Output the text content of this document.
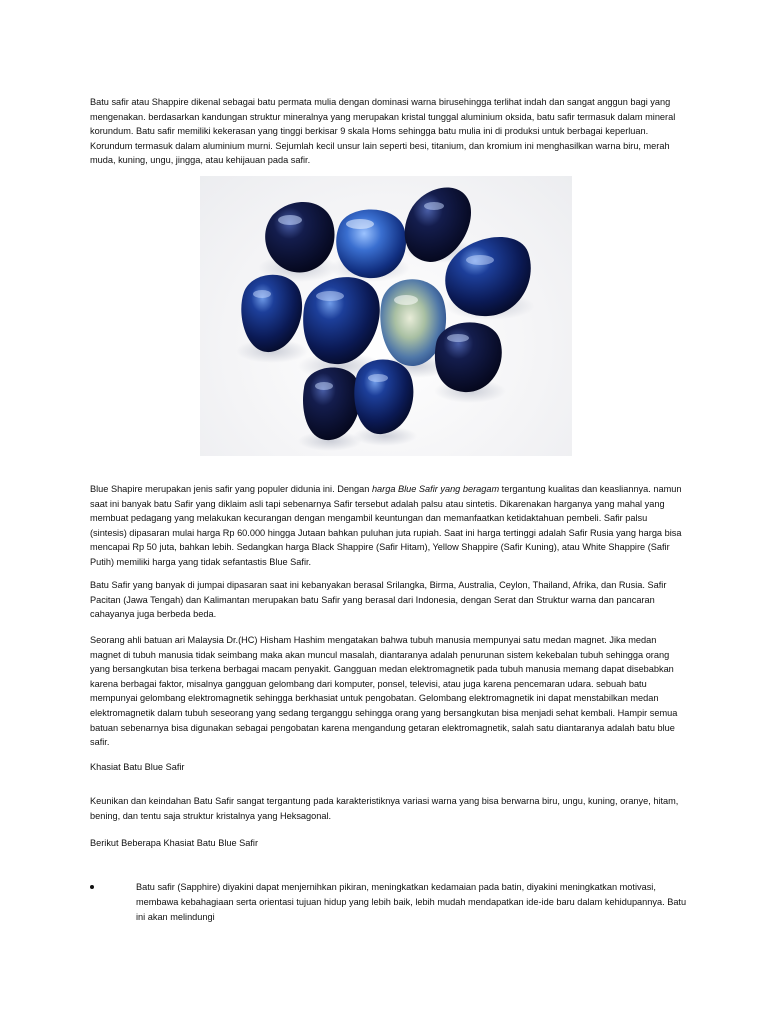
Batu safir atau Shappire dikenal sebagai batu permata mulia dengan dominasi warna birusehingga terlihat indah dan sangat anggun bagi yang mengenakan. berdasarkan kandungan struktur mineralnya yang merupakan kristal tunggal aluminium oksida, batu safir termasuk dalam mineral korundum. Batu safir memiliki kekerasan yang tinggi berkisar 9 skala Homs sehingga batu mulia ini di produksi untuk berbagai keperluan. Korundum termasuk dalam aluminium murni. Sejumlah kecil unsur lain seperti besi, titanium, dan kromium ini menghasilkan warna biru, merah muda, kuning, ungu, jingga, atau kehijauan pada safir.

Blue Shapire merupakan jenis safir yang populer didunia ini. Dengan harga Blue Safir yang beragam tergantung kualitas dan keasliannya. namun saat ini banyak batu Safir yang diklaim asli tapi sebenarnya Safir tersebut adalah palsu atau sintetis. Dikarenakan harganya yang mahal yang membuat pedagang yang melakukan kecurangan dengan mengambil keuntungan dan memanfaatkan ketidaktahuan pembeli. Safir palsu (sintesis) dipasaran mulai harga Rp 60.000 hingga Jutaan bahkan puluhan juta rupiah. Saat ini harga tertinggi adalah Safir Rusia yang harga bisa mencapai Rp 50 juta, bahkan lebih. Sedangkan harga Black Shappire (Safir Hitam), Yellow Shappire (Safir Kuning), atau White Shappire (Safir Putih) memiliki harga yang tidak sefantastis Blue Safir.

Batu Safir yang banyak di jumpai dipasaran saat ini kebanyakan berasal Srilangka, Birma, Australia, Ceylon, Thailand, Afrika, dan Rusia. Safir Pacitan (Jawa Tengah) dan Kalimantan merupakan batu Safir yang berasal dari Indonesia, dengan Serat dan Struktur warna dan pancaran cahayanya juga berbeda beda.

Seorang ahli batuan ari Malaysia Dr.(HC) Hisham Hashim mengatakan bahwa tubuh manusia mempunyai satu medan magnet. Jika medan magnet di tubuh manusia tidak seimbang maka akan muncul masalah, diantaranya adalah penurunan sistem kekebalan tubuh sehingga orang yang bersangkutan bisa terkena berbagai macam penyakit. Gangguan medan elektromagnetik pada tubuh manusia memang dapat disebabkan karena berbagai faktor, misalnya gangguan gelombang dari komputer, ponsel, televisi, atau juga karena pencemaran udara. sebuah batu mempunyai gelombang elektromagnetik sehingga berkhasiat untuk pengobatan. Gelombang elektromagnetik ini dapat menstabilkan medan elektromagnetik dalam tubuh seseorang yang sedang terganggu sehingga orang yang bersangkutan bisa menjadi sehat kembali. Hampir semua batuan sebenarnya bisa digunakan sebagai pengobatan karena mengandung getaran elektromagnetik, salah satu diantaranya adalah batu blue safir.

Khasiat Batu Blue Safir

Keunikan dan keindahan Batu Safir sangat tergantung pada karakteristiknya variasi warna yang bisa berwarna biru, ungu, kuning, oranye, hitam, bening, dan tentu saja struktur kristalnya yang Heksagonal.

Berikut Beberapa Khasiat Batu Blue Safir

Batu safir (Sapphire) diyakini dapat menjernihkan pikiran, meningkatkan kedamaian pada batin, diyakini meningkatkan motivasi, membawa kebahagiaan serta orientasi tujuan hidup yang lebih baik, lebih mudah mendapatkan ide-ide baru dalam kehidupannya. Batu ini akan melindungi
